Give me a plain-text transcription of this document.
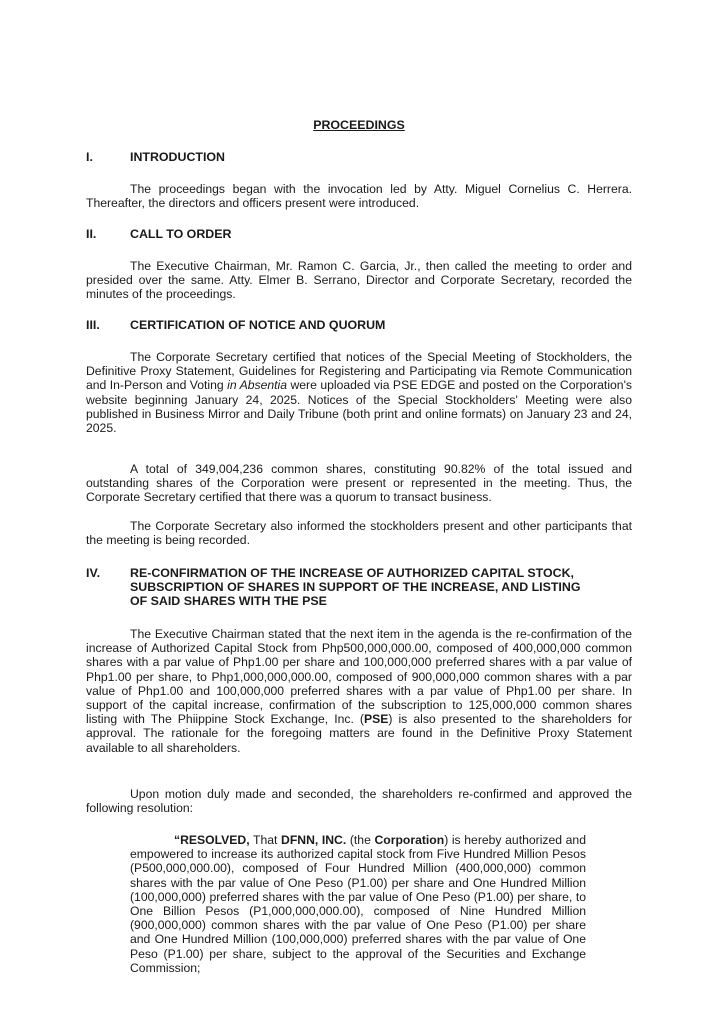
PROCEEDINGS
I.	INTRODUCTION

The proceedings began with the invocation led by Atty. Miguel Cornelius C. Herrera. Thereafter, the directors and officers present were introduced.

II.	CALL TO ORDER

The Executive Chairman, Mr. Ramon C. Garcia, Jr., then called the meeting to order and presided over the same. Atty. Elmer B. Serrano, Director and Corporate Secretary, recorded the minutes of the proceedings.

III. CERTIFICATION OF NOTICE AND QUORUM

The Corporate Secretary certified that notices of the Special Meeting of Stockholders, the Definitive Proxy Statement, Guidelines for Registering and Participating via Remote Communication and In-Person and Voting in Absentia were uploaded via PSE EDGE and posted on the Corporation's website beginning January 24, 2025. Notices of the Special Stockholders' Meeting were also published in Business Mirror and Daily Tribune (both print and online formats) on January 23 and 24, 2025.

A total of 349,004,236 common shares, constituting 90.82% of the total issued and outstanding shares of the Corporation were present or represented in the meeting. Thus, the Corporate Secretary certified that there was a quorum to transact business.

The Corporate Secretary also informed the stockholders present and other participants that the meeting is being recorded.

IV. RE-CONFIRMATION OF THE INCREASE OF AUTHORIZED CAPITAL STOCK, SUBSCRIPTION OF SHARES IN SUPPORT OF THE INCREASE, AND LISTING OF SAID SHARES WITH THE PSE

The Executive Chairman stated that the next item in the agenda is the re-confirmation of the increase of Authorized Capital Stock from Php500,000,000.00, composed of 400,000,000 common shares with a par value of Php1.00 per share and 100,000,000 preferred shares with a par value of Php1.00 per share, to Php1,000,000,000.00, composed of 900,000,000 common shares with a par value of Php1.00 and 100,000,000 preferred shares with a par value of Php1.00 per share. In support of the capital increase, confirmation of the subscription to 125,000,000 common shares listing with The Phiippine Stock Exchange, Inc. (PSE) is also presented to the shareholders for approval. The rationale for the foregoing matters are found in the Definitive Proxy Statement available to all shareholders.

Upon motion duly made and seconded, the shareholders re-confirmed and approved the following resolution:

“RESOLVED, That DFNN, INC. (the Corporation) is hereby authorized and empowered to increase its authorized capital stock from Five Hundred Million Pesos (P500,000,000.00), composed of Four Hundred Million (400,000,000) common shares with the par value of One Peso (P1.00) per share and One Hundred Million (100,000,000) preferred shares with the par value of One Peso (P1.00) per share, to One Billion Pesos (P1,000,000,000.00), composed of Nine Hundred Million (900,000,000) common shares with the par value of One Peso (P1.00) per share and One Hundred Million (100,000,000) preferred shares with the par value of One Peso (P1.00) per share, subject to the approval of the Securities and Exchange Commission;
